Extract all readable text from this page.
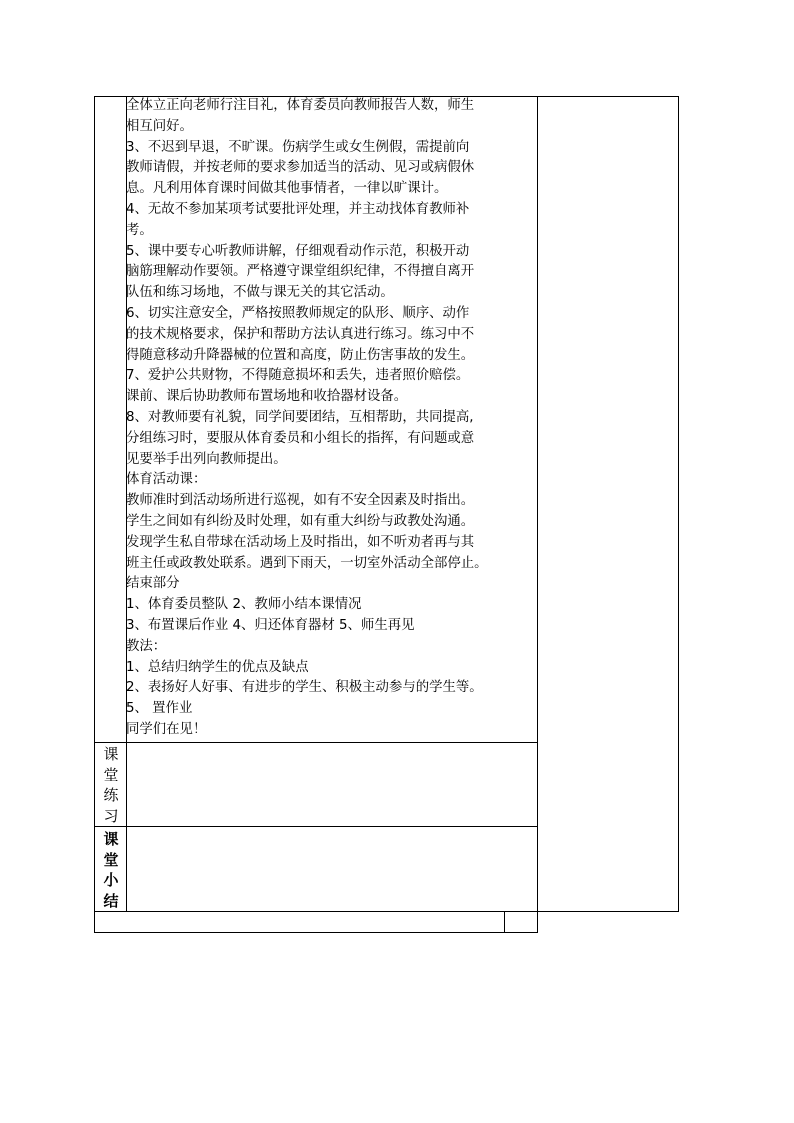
全体立正向老师行注目礼，体育委员向教师报告人数，师生
相互问好。
3、不迟到早退，不旷课。伤病学生或女生例假，需提前向
教师请假，并按老师的要求参加适当的活动、见习或病假休
息。凡利用体育课时间做其他事情者，一律以旷课计。
4、无故不参加某项考试要批评处理，并主动找体育教师补
考。
5、课中要专心听教师讲解，仔细观看动作示范，积极开动
脑筋理解动作要领。严格遵守课堂组织纪律，不得擅自离开
队伍和练习场地，不做与课无关的其它活动。
6、切实注意安全，严格按照教师规定的队形、顺序、动作
的技术规格要求，保护和帮助方法认真进行练习。练习中不
得随意移动升降器械的位置和高度，防止伤害事故的发生。
7、爱护公共财物，不得随意损坏和丢失，违者照价赔偿。
课前、课后协助教师布置场地和收拾器材设备。
8、对教师要有礼貌，同学间要团结，互相帮助，共同提高,
分组练习时，要服从体育委员和小组长的指挥，有问题或意
见要举手出列向教师提出。
体育活动课：
教师准时到活动场所进行巡视，如有不安全因素及时指出。
学生之间如有纠纷及时处理，如有重大纠纷与政教处沟通。
发现学生私自带球在活动场上及时指出，如不听劝者再与其
班主任或政教处联系。遇到下雨天，一切室外活动全部停止。
结束部分
1、体育委员整队 2、教师小结本课情况
3、布置课后作业 4、归还体育器材 5、师生再见
教法：
1、总结归纳学生的优点及缺点
2、表扬好人好事、有进步的学生、积极主动参与的学生等。
5、 置作业
同学们在见！
课
堂
练
习
课
堂
小
结
